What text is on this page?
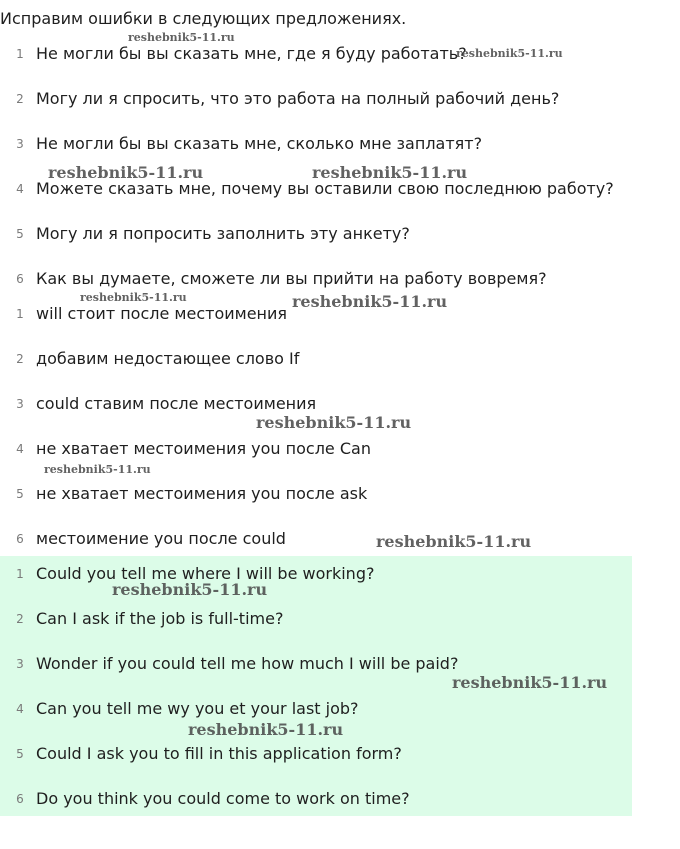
Исправим ошибки в следующих предложениях.
1 Не могли бы вы сказать мне, где я буду работать?
2 Могу ли я спросить, что это работа на полный рабочий день?
3 Не могли бы вы сказать мне, сколько мне заплатят?
4 Можете сказать мне, почему вы оставили свою последнюю работу?
5 Могу ли я попросить заполнить эту анкету?
6 Как вы думаете, сможете ли вы прийти на работу вовремя?
1 will стоит после местоимения
2 добавим недостающее слово If
3 could ставим после местоимения
4 не хватает местоимения you после Can
5 не хватает местоимения you после ask
6 местоимение you после could
1 Could you tell me where I will be working?
2 Can I ask if the job is full-time?
3 Wonder if you could tell me how much I will be paid?
4 Can you tell me wy you et your last job?
5 Could I ask you to fill in this application form?
6 Do you think you could come to work on time?
reshebnik5-11.ru
reshebnik5-11.ru
reshebnik5-11.ru	reshebnik5-11.ru
reshebnik5-11.ru	reshebnik5-11.ru
reshebnik5-11.ru
reshebnik5-11.ru
reshebnik5-11.ru
reshebnik5-11.ru
reshebnik5-11.ru
reshebnik5-11.ru
